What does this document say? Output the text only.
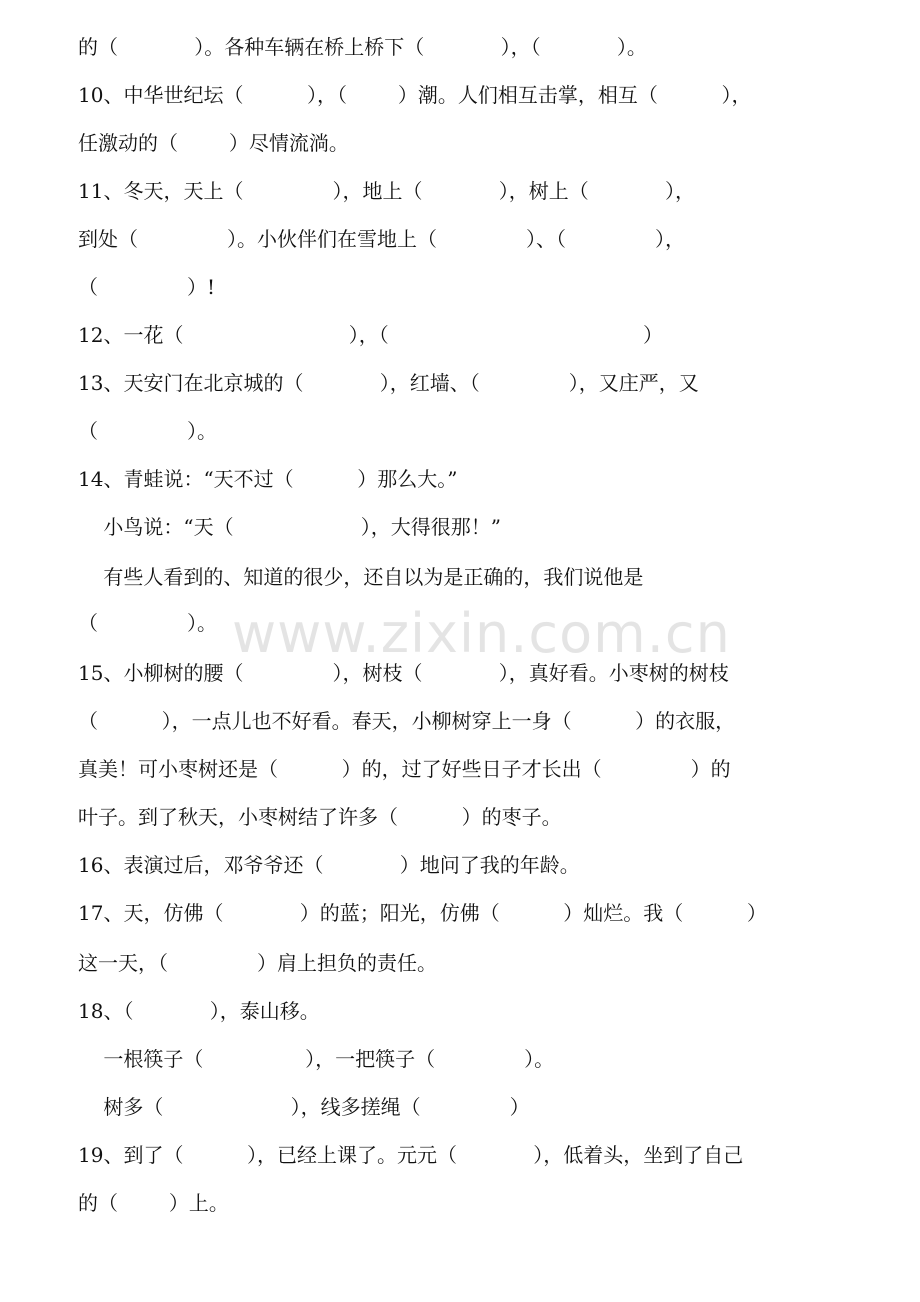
的（            ）。各种车辆在桥上桥下（            ），（            ）。
10、中华世纪坛（          ），（        ）潮。人们相互击掌，相互（          ），
任激动的（        ）尽情流淌。
11、冬天，天上（              ），地上（            ），树上（            ），
到处（              ）。小伙伴们在雪地上（              ）、（              ），
（              ）!
12、一花（                          ），（                                        ）
13、天安门在北京城的（            ），红墙、（              ），又庄严，又
（              ）。
14、青蛙说：“天不过（          ）那么大。”
小鸟说：“天（                    ），大得很那！”
有些人看到的、知道的很少，还自以为是正确的，我们说他是
（              ）。
15、小柳树的腰（              ），树枝（            ），真好看。小枣树的树枝
（          ），一点儿也不好看。春天，小柳树穿上一身（          ）的衣服，
真美！可小枣树还是（          ）的，过了好些日子才长出（              ）的
叶子。到了秋天，小枣树结了许多（          ）的枣子。
16、表演过后，邓爷爷还（            ）地问了我的年龄。
17、天，仿佛（            ）的蓝；阳光，仿佛（          ）灿烂。我（          ）
这一天，（              ）肩上担负的责任。
18、（            ），泰山移。
一根筷子（                ），一把筷子（              ）。
树多（                    ），线多搓绳（              ）
19、到了（          ），已经上课了。元元（            ），低着头，坐到了自己
的（        ）上。
www.zixin.com.cn
